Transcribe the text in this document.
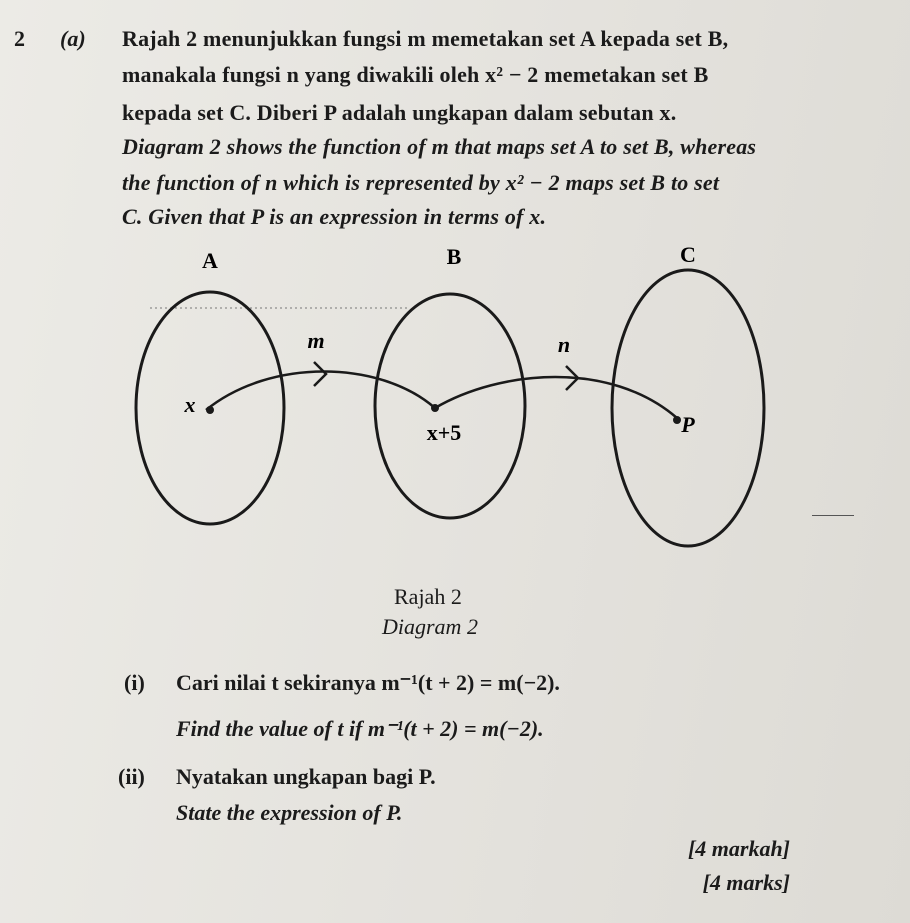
2 (a) Rajah 2 menunjukkan fungsi m memetakan set A kepada set B,
manakala fungsi n yang diwakili oleh x² − 2 memetakan set B
kepada set C. Diberi P adalah ungkapan dalam sebutan x.
Diagram 2 shows the function of m that maps set A to set B, whereas
the function of n which is represented by x² − 2 maps set B to set
C. Given that P is an expression in terms of x.
A	B	C
m	n
x
x+5	P
Rajah 2
Diagram 2
(i) Cari nilai t sekiranya m⁻¹(t + 2) = m(−2).
Find the value of t if m⁻¹(t + 2) = m(−2).
(ii) Nyatakan ungkapan bagi P.
State the expression of P.
[4 markah]
[4 marks]
